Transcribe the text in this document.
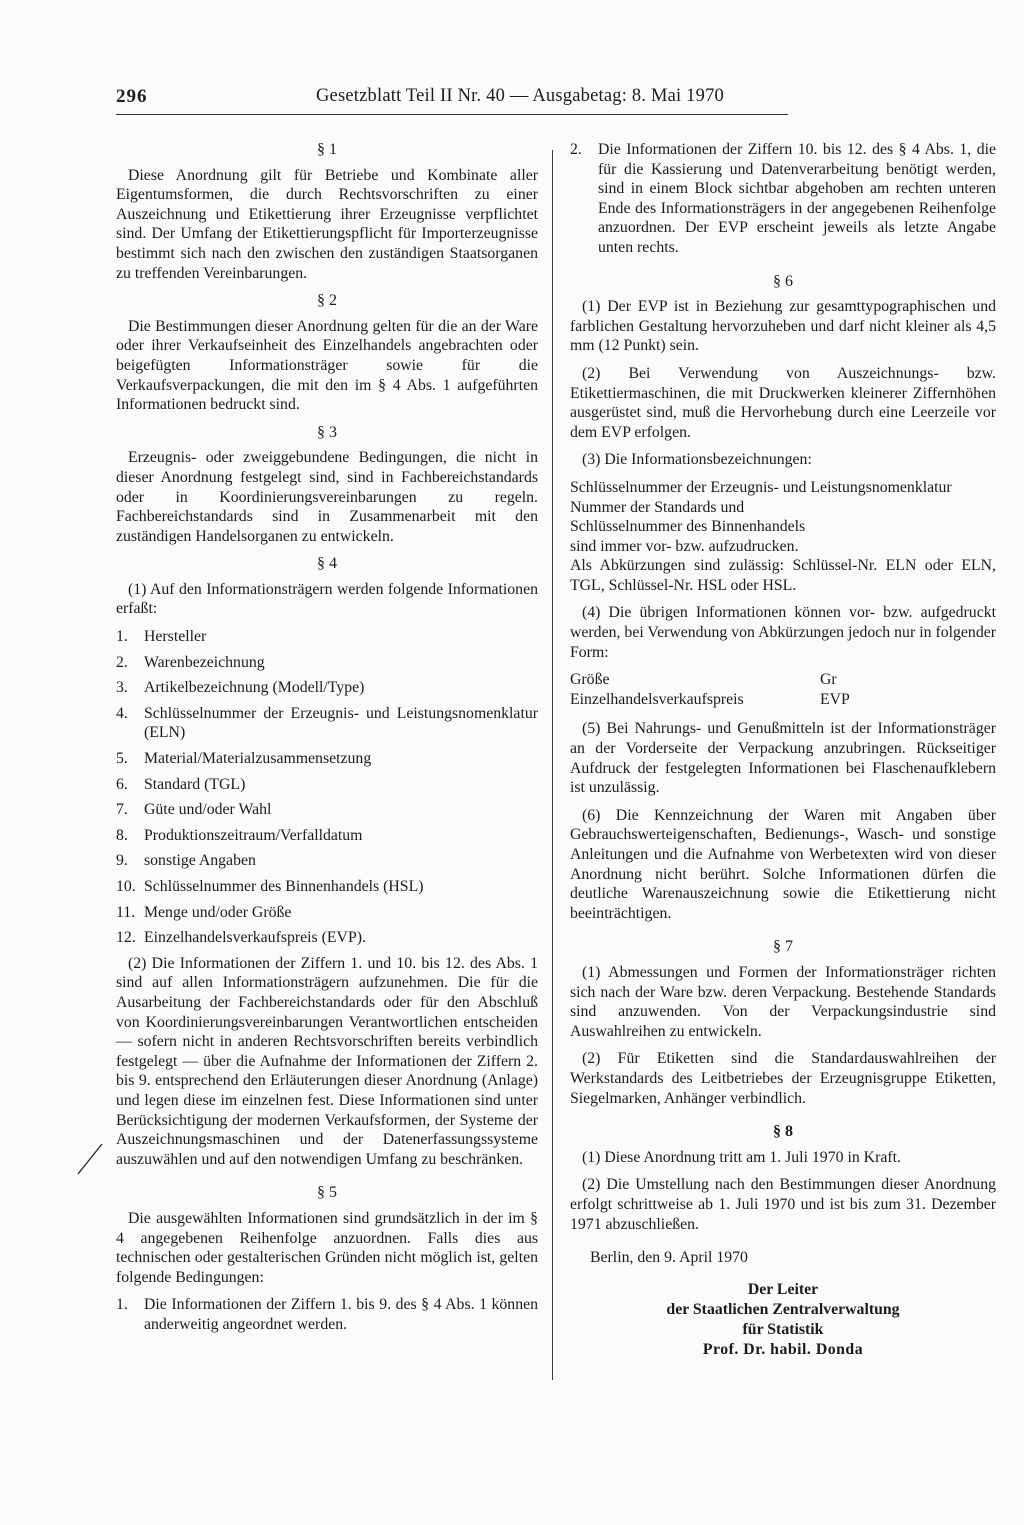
296	Gesetzblatt Teil II Nr. 40 — Ausgabetag: 8. Mai 1970
§ 1

Diese Anordnung gilt für Betriebe und Kombinate aller Eigentumsformen, die durch Rechtsvorschriften zu einer Auszeichnung und Etikettierung ihrer Erzeugnisse verpflichtet sind. Der Umfang der Etikettierungspflicht für Importerzeugnisse bestimmt sich nach den zwischen den zuständigen Staatsorganen zu treffenden Vereinbarungen.

§ 2

Die Bestimmungen dieser Anordnung gelten für die an der Ware oder ihrer Verkaufseinheit des Einzelhandels angebrachten oder beigefügten Informationsträger sowie für die Verkaufsverpackungen, die mit den im § 4 Abs. 1 aufgeführten Informationen bedruckt sind.

§ 3

Erzeugnis- oder zweiggebundene Bedingungen, die nicht in dieser Anordnung festgelegt sind, sind in Fachbereichstandards oder in Koordinierungsvereinbarungen zu regeln. Fachbereichstandards sind in Zusammenarbeit mit den zuständigen Handelsorganen zu entwickeln.

§ 4

(1) Auf den Informationsträgern werden folgende Informationen erfaßt:

1.	Hersteller
2.	Warenbezeichnung
3.	Artikelbezeichnung (Modell/Type)
4.	Schlüsselnummer der Erzeugnis- und Leistungsnomenklatur (ELN)
5.	Material/Materialzusammensetzung
6.	Standard (TGL)
7.	Güte und/oder Wahl
8.	Produktionszeitraum/Verfalldatum
9.	sonstige Angaben
10. Schlüsselnummer des Binnenhandels (HSL)
11. Menge und/oder Größe
12. Einzelhandelsverkaufspreis (EVP).

(2) Die Informationen der Ziffern 1. und 10. bis 12. des Abs. 1 sind auf allen Informationsträgern aufzunehmen. Die für die Ausarbeitung der Fachbereichstandards oder für den Abschluß von Koordinierungsvereinbarungen Verantwortlichen entscheiden — sofern nicht in anderen Rechtsvorschriften bereits verbindlich festgelegt — über die Aufnahme der Informationen der Ziffern 2. bis 9. entsprechend den Erläuterungen dieser Anordnung (Anlage) und legen diese im einzelnen fest. Diese Informationen sind unter Berücksichtigung der modernen Verkaufsformen, der Systeme der Auszeichnungsmaschinen und der Datenerfassungssysteme auszuwählen und auf den notwendigen Umfang zu beschränken.

§ 5

Die ausgewählten Informationen sind grundsätzlich in der im § 4 angegebenen Reihenfolge anzuordnen. Falls dies aus technischen oder gestalterischen Gründen nicht möglich ist, gelten folgende Bedingungen:

1.	Die Informationen der Ziffern 1. bis 9. des § 4 Abs. 1 können anderweitig angeordnet werden.
2.	Die Informationen der Ziffern 10. bis 12. des § 4 Abs. 1, die für die Kassierung und Datenverarbeitung benötigt werden, sind in einem Block sichtbar abgehoben am rechten unteren Ende des Informationsträgers in der angegebenen Reihenfolge anzuordnen. Der EVP erscheint jeweils als letzte Angabe unten rechts.
§ 6

(1) Der EVP ist in Beziehung zur gesamttypographischen und farblichen Gestaltung hervorzuheben und darf nicht kleiner als 4,5 mm (12 Punkt) sein.

(2) Bei Verwendung von Auszeichnungs- bzw. Etikettiermaschinen, die mit Druckwerken kleinerer Ziffernhöhen ausgerüstet sind, muß die Hervorhebung durch eine Leerzeile vor dem EVP erfolgen.

(3) Die Informationsbezeichnungen:

Schlüsselnummer der Erzeugnis- und Leistungsnomenklatur

Nummer der Standards und

Schlüsselnummer des Binnenhandels

sind immer vor- bzw. aufzudrucken.

Als Abkürzungen sind zulässig: Schlüssel-Nr. ELN oder ELN, TGL, Schlüssel-Nr. HSL oder HSL.

(4) Die übrigen Informationen können vor- bzw. aufgedruckt werden, bei Verwendung von Abkürzungen jedoch nur in folgender Form:

Größe	Gr
Einzelhandelsverkaufspreis	EVP

(5) Bei Nahrungs- und Genußmitteln ist der Informationsträger an der Vorderseite der Verpackung anzubringen. Rückseitiger Aufdruck der festgelegten Informationen bei Flaschenaufklebern ist unzulässig.

(6) Die Kennzeichnung der Waren mit Angaben über Gebrauchswerteigenschaften, Bedienungs-, Wasch- und sonstige Anleitungen und die Aufnahme von Werbetexten wird von dieser Anordnung nicht berührt. Solche Informationen dürfen die deutliche Warenauszeichnung sowie die Etikettierung nicht beeinträchtigen.

§ 7

(1) Abmessungen und Formen der Informationsträger richten sich nach der Ware bzw. deren Verpackung. Bestehende Standards sind anzuwenden. Von der Verpackungsindustrie sind Auswahlreihen zu entwickeln.

(2) Für Etiketten sind die Standardauswahlreihen der Werkstandards des Leitbetriebes der Erzeugnisgruppe Etiketten, Siegelmarken, Anhänger verbindlich.

§ 8

(1) Diese Anordnung tritt am 1. Juli 1970 in Kraft.

(2) Die Umstellung nach den Bestimmungen dieser Anordnung erfolgt schrittweise ab 1. Juli 1970 und ist bis zum 31. Dezember 1971 abzuschließen.

Berlin, den 9. April 1970

Der Leiter
der Staatlichen Zentralverwaltung
für Statistik
Prof. Dr. habil. Donda
